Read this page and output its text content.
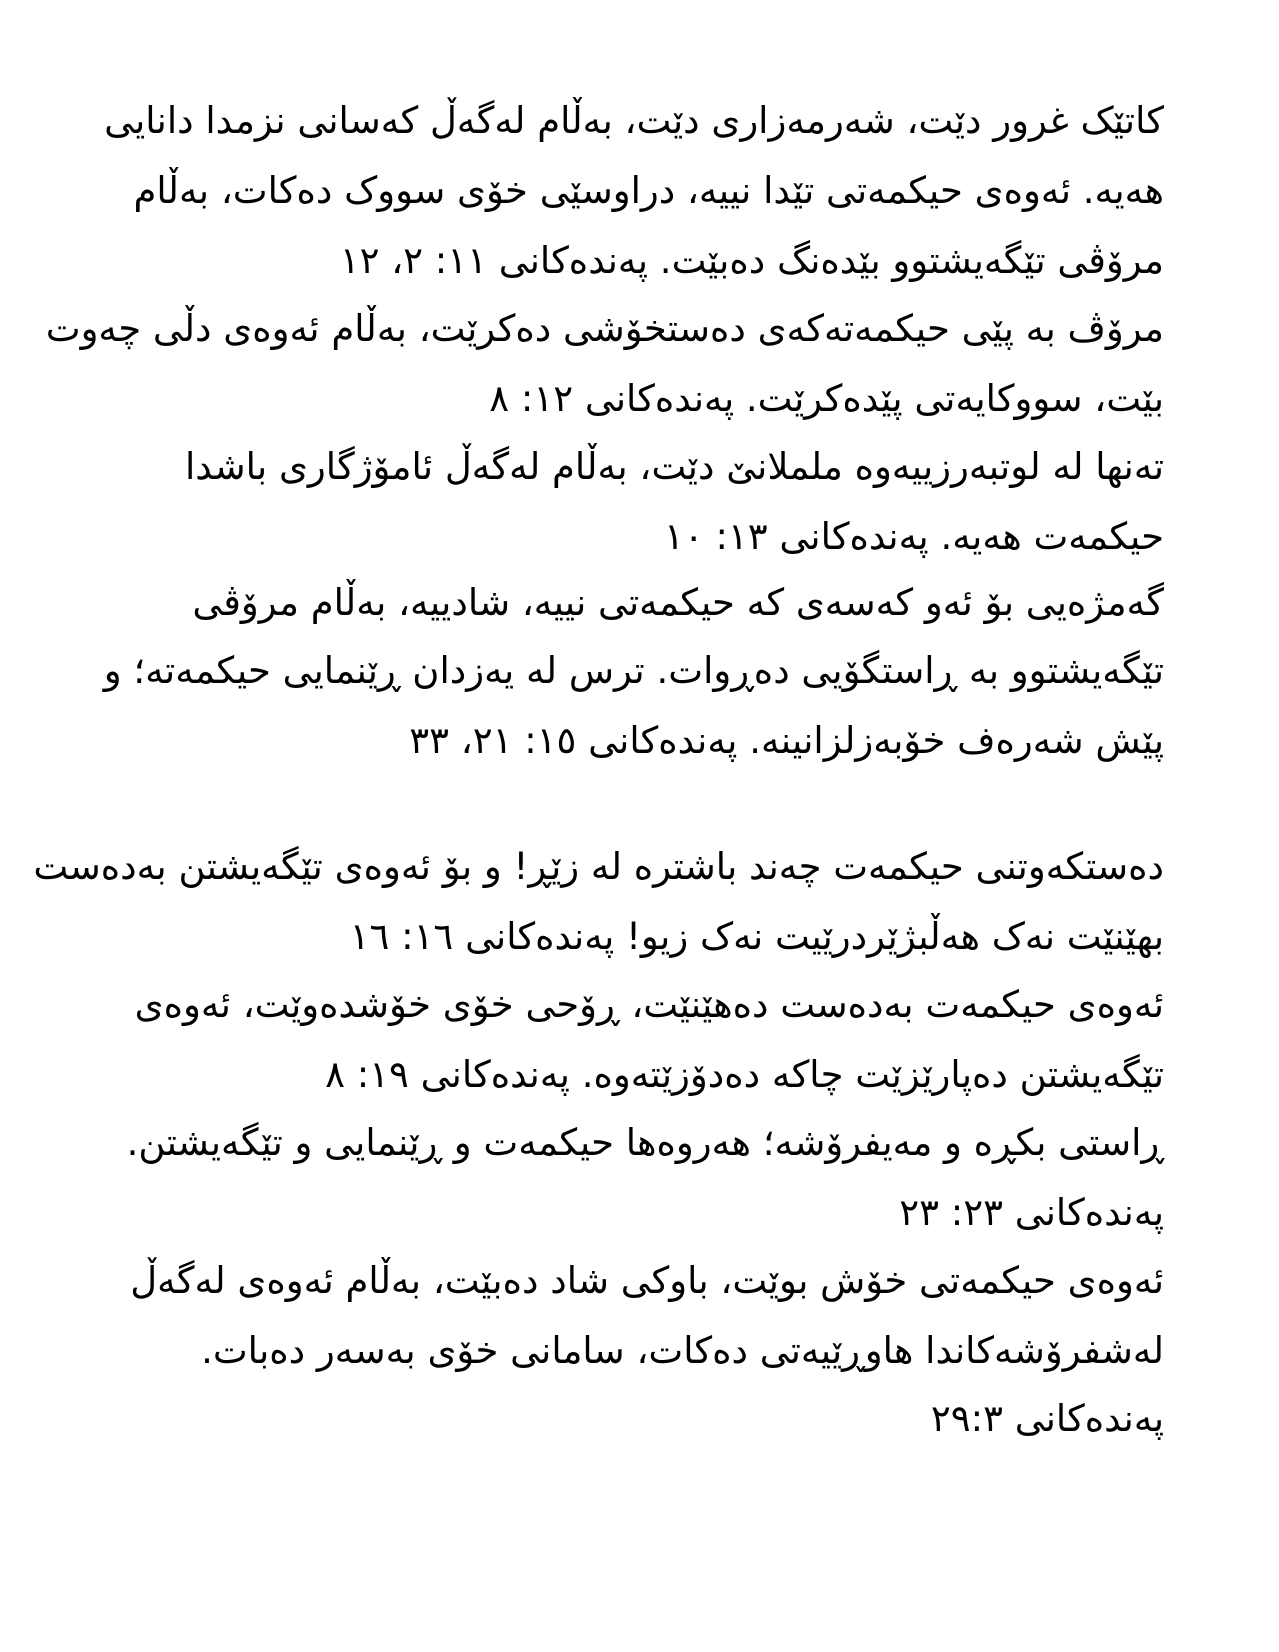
کاتێک غرور دێت، شەرمەزاری دێت، بەڵام لەگەڵ کەسانی نزمدا دانایی
هەیە. ئەوەی حیکمەتی تێدا نییە، دراوسێی خۆی سووک دەکات، بەڵام
مرۆڤی تێگەیشتوو بێدەنگ دەبێت. پەندەکانی ١١: ٢، ١٢
مرۆڤ بە پێی حیکمەتەکەی دەستخۆشی دەکرێت، بەڵام ئەوەی دڵی چەوت
بێت، سووکایەتی پێدەکرێت. پەندەکانی ١٢: ٨
تەنها لە لوتبەرزییەوە ململانێ دێت، بەڵام لەگەڵ ئامۆژگاری باشدا
حیکمەت هەیە. پەندەکانی ١٣: ١٠
گەمژەیی بۆ ئەو کەسەی کە حیکمەتی نییە، شادییە، بەڵام مرۆڤی
تێگەیشتوو بە ڕاستگۆیی دەڕوات. ترس لە یەزدان ڕێنمایی حیکمەتە؛ و
پێش شەرەف خۆبەزلزانینە. پەندەکانی ١٥: ٢١، ٣٣
دەستکەوتنی حیکمەت چەند باشترە لە زێڕ! و بۆ ئەوەی تێگەیشتن بەدەست
بهێنێت نەک هەڵبژێردرێیت نەک زیو! پەندەکانی ١٦: ١٦
ئەوەی حیکمەت بەدەست دەهێنێت، ڕۆحی خۆی خۆشدەوێت، ئەوەی
تێگەیشتن دەپارێزێت چاکە دەدۆزێتەوە. پەندەکانی ١٩: ٨
ڕاستی بکڕە و مەیفرۆشە؛ هەروەها حیکمەت و ڕێنمایی و تێگەیشتن.
پەندەکانی ٢٣: ٢٣
ئەوەی حیکمەتی خۆش بوێت، باوکی شاد دەبێت، بەڵام ئەوەی لەگەڵ
لەشفرۆشەکاندا هاوڕێیەتی دەکات، سامانی خۆی بەسەر دەبات.
پەندەکانی ٢٩:٣
